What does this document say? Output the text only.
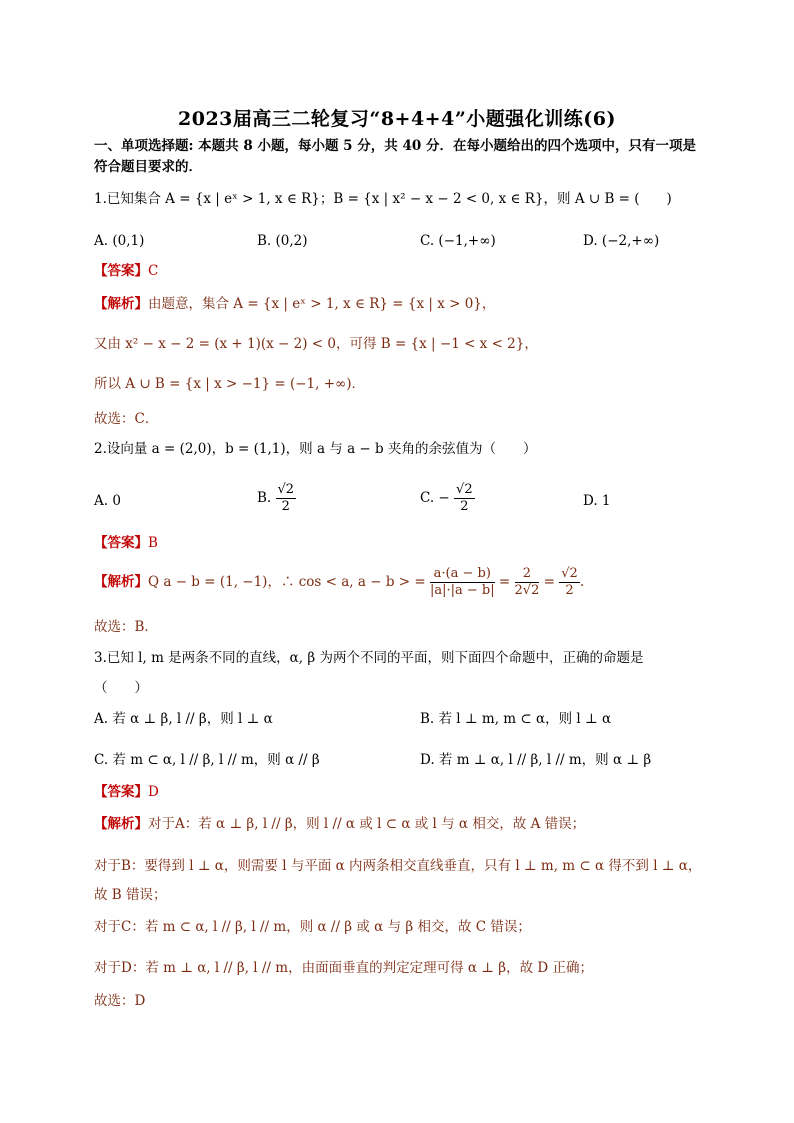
2023届高三二轮复习“8+4+4”小题强化训练(6)
一、单项选择题: 本题共 8 小题，每小题 5 分，共 40 分．在每小题给出的四个选项中，只有一项是
符合题目要求的．
1.已知集合 A = {x | eˣ > 1, x ∈ R}；B = {x | x² − x − 2 < 0, x ∈ R}，则 A ∪ B = (　　)
A. (0,1)	B. (0,2)	C. (−1,+∞)	D. (−2,+∞)
【答案】C
【解析】由题意，集合 A = {x | eˣ > 1, x ∈ R} = {x | x > 0}，
又由 x² − x − 2 = (x + 1)(x − 2) < 0，可得 B = {x | −1 < x < 2}，
所以 A ∪ B = {x | x > −1} = (−1, +∞)．
故选：C．
2.设向量 a = (2,0)，b = (1,1)，则 a 与 a − b 夹角的余弦值为（　　）
A. 0	B. $\frac{√2}{2}$	C. − $\frac{√2}{2}$	D. 1
【答案】B
【解析】Q a − b = (1, −1)，∴ cos < a, a − b > = $\frac{a\cdot(a - b)}{|a|\cdot|a - b|} = \frac{2}{2√2} = \frac{√2}{2}$ .
故选：B．
3.已知 l, m 是两条不同的直线，α, β 为两个不同的平面，则下面四个命题中，正确的命题是
（　　）
A. 若 α ⊥ β, l // β，则 l ⊥ α	B. 若 l ⊥ m, m ⊂ α，则 l ⊥ α
C. 若 m ⊂ α, l // β, l // m，则 α // β	D. 若 m ⊥ α, l // β, l // m，则 α ⊥ β
【答案】D
【解析】对于A：若 α ⊥ β, l // β，则 l // α 或 l ⊂ α 或 l 与 α 相交，故 A 错误；
对于B：要得到 l ⊥ α，则需要 l 与平面 α 内两条相交直线垂直，只有 l ⊥ m, m ⊂ α 得不到 l ⊥ α，
故 B 错误；
对于C：若 m ⊂ α, l // β, l // m，则 α // β 或 α 与 β 相交，故 C 错误；
对于D：若 m ⊥ α, l // β, l // m，由面面垂直的判定定理可得 α ⊥ β，故 D 正确；
故选：D
